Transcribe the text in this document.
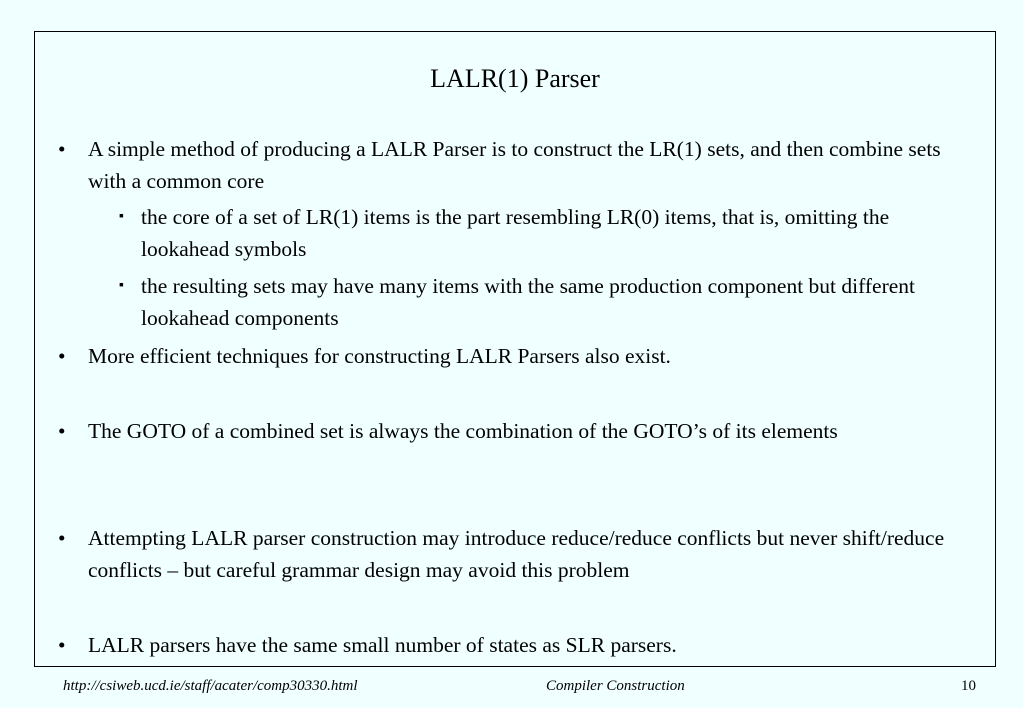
LALR(1) Parser
• A simple method of producing a LALR Parser is to construct the LR(1) sets, and then combine sets with a common core
▪ the core of a set of LR(1) items is the part resembling LR(0) items, that is, omitting the lookahead symbols
▪ the resulting sets may have many items with the same production component but different lookahead components
• More efficient techniques for constructing LALR Parsers also exist.
• The GOTO of a combined set is always the combination of the GOTO’s of its elements
• Attempting LALR parser construction may introduce reduce/reduce conflicts but never shift/reduce conflicts – but careful grammar design may avoid this problem
• LALR parsers have the same small number of states as SLR parsers.
http://csiweb.ucd.ie/staff/acater/comp30330.html	Compiler Construction	10
